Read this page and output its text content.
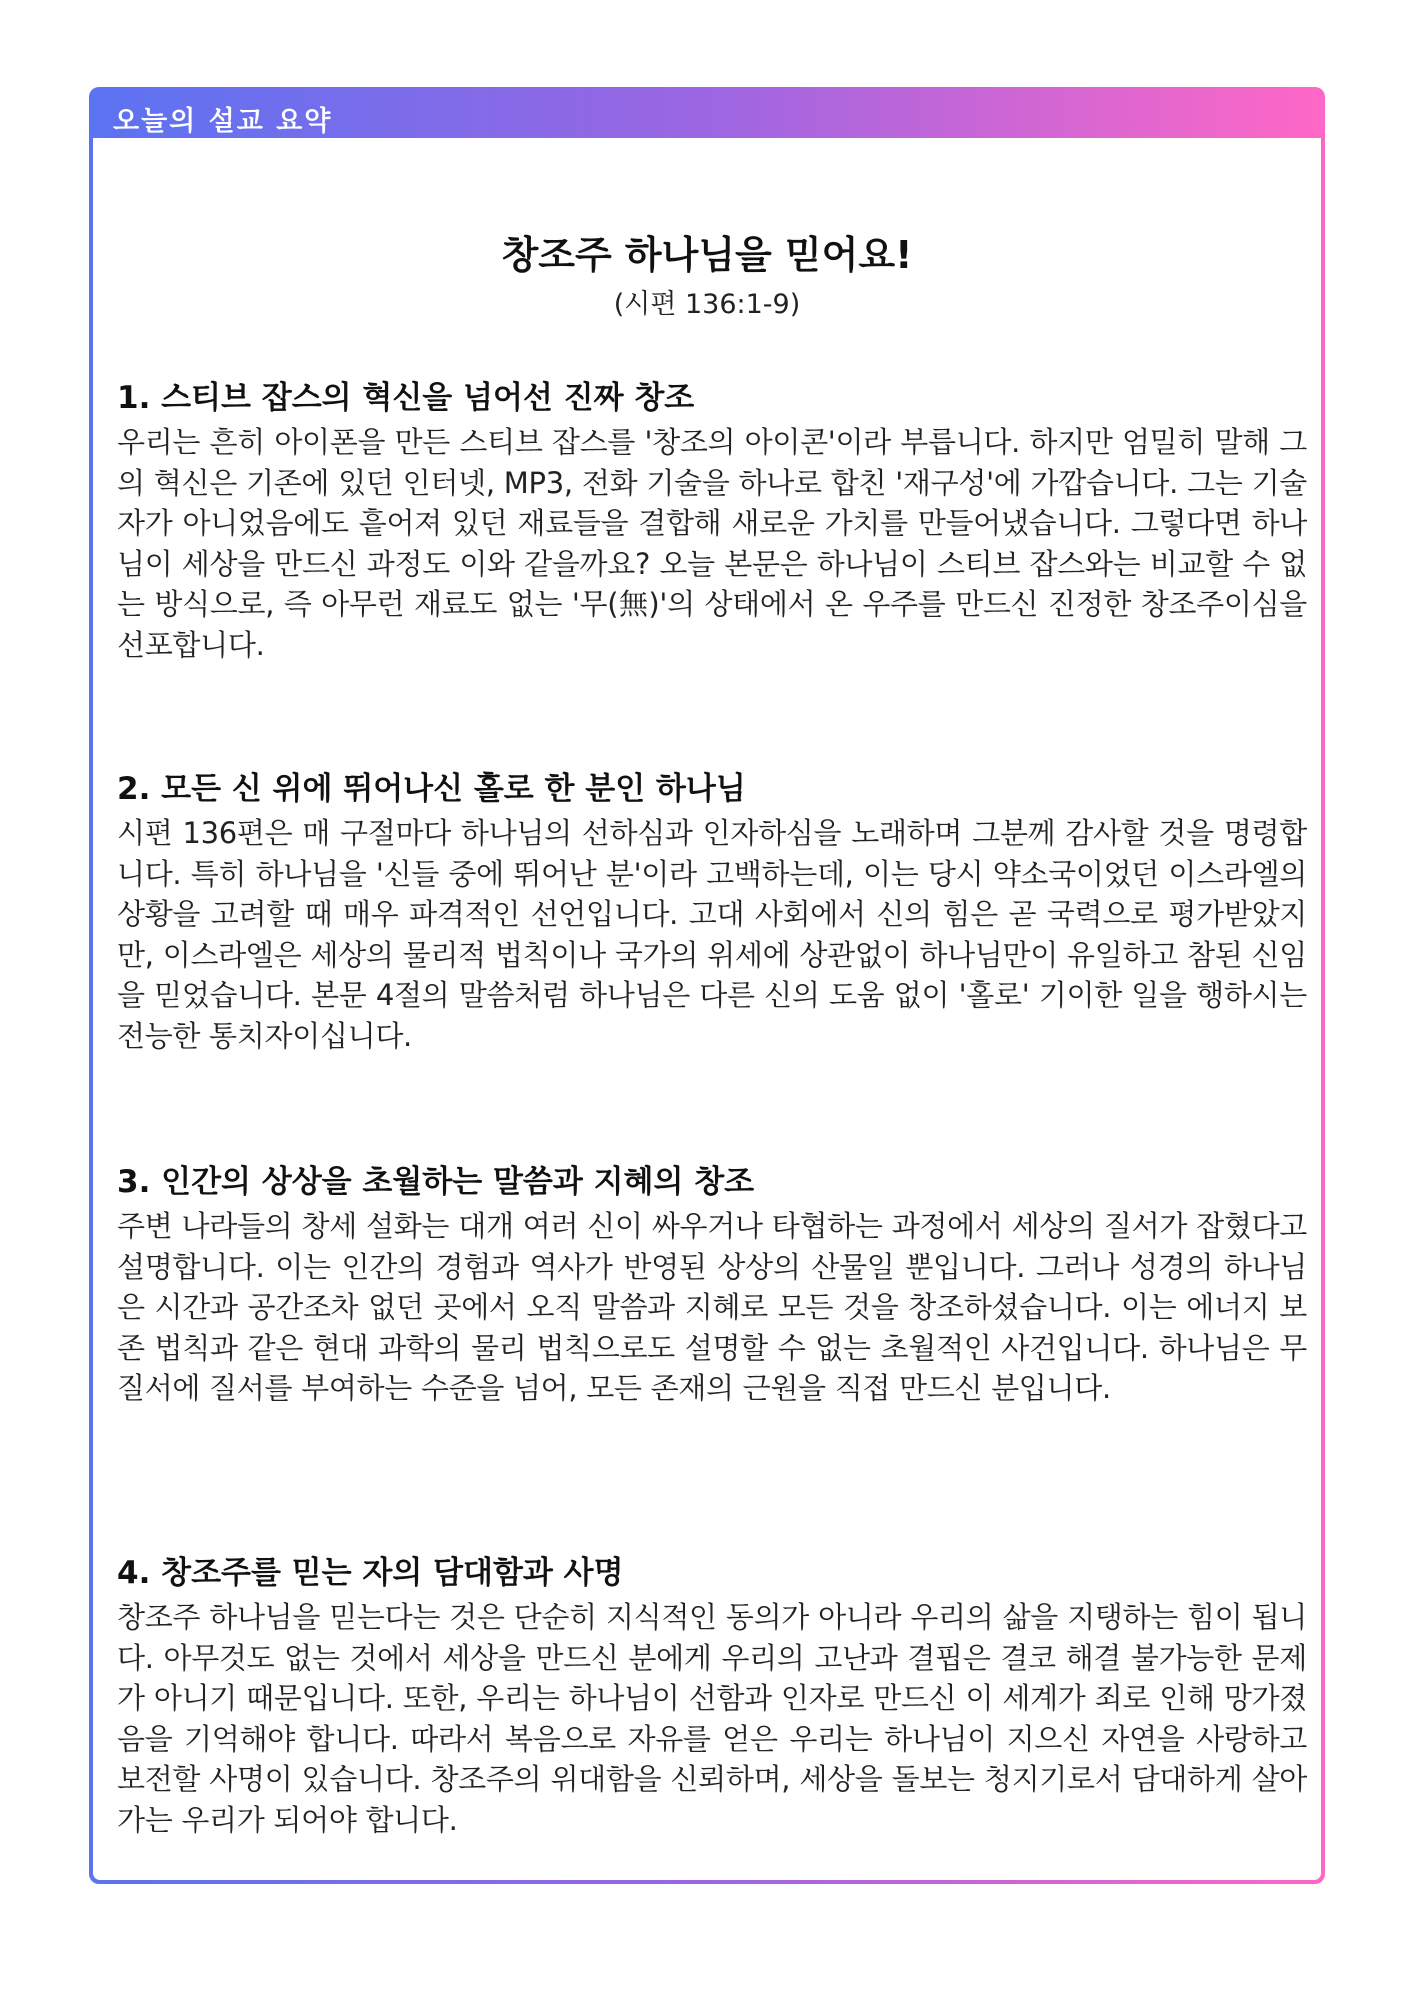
오늘의 설교 요약
창조주 하나님을 믿어요!
(시편 136:1-9)
1. 스티브 잡스의 혁신을 넘어선 진짜 창조

우리는 흔히 아이폰을 만든 스티브 잡스를 '창조의 아이콘'이라 부릅니다. 하지만 엄밀히 말해 그의 혁신은 기존에 있던 인터넷, MP3, 전화 기술을 하나로 합친 '재구성'에 가깝습니다. 그는 기술자가 아니었음에도 흩어져 있던 재료들을 결합해 새로운 가치를 만들어냈습니다. 그렇다면 하나님이 세상을 만드신 과정도 이와 같을까요? 오늘 본문은 하나님이 스티브 잡스와는 비교할 수 없는 방식으로, 즉 아무런 재료도 없는 '무(無)'의 상태에서 온 우주를 만드신 진정한 창조주이심을 선포합니다.

2. 모든 신 위에 뛰어나신 홀로 한 분인 하나님

시편 136편은 매 구절마다 하나님의 선하심과 인자하심을 노래하며 그분께 감사할 것을 명령합니다. 특히 하나님을 '신들 중에 뛰어난 분'이라 고백하는데, 이는 당시 약소국이었던 이스라엘의 상황을 고려할 때 매우 파격적인 선언입니다. 고대 사회에서 신의 힘은 곧 국력으로 평가받았지만, 이스라엘은 세상의 물리적 법칙이나 국가의 위세에 상관없이 하나님만이 유일하고 참된 신임을 믿었습니다. 본문 4절의 말씀처럼 하나님은 다른 신의 도움 없이 '홀로' 기이한 일을 행하시는 전능한 통치자이십니다.

3. 인간의 상상을 초월하는 말씀과 지혜의 창조

주변 나라들의 창세 설화는 대개 여러 신이 싸우거나 타협하는 과정에서 세상의 질서가 잡혔다고 설명합니다. 이는 인간의 경험과 역사가 반영된 상상의 산물일 뿐입니다. 그러나 성경의 하나님은 시간과 공간조차 없던 곳에서 오직 말씀과 지혜로 모든 것을 창조하셨습니다. 이는 에너지 보존 법칙과 같은 현대 과학의 물리 법칙으로도 설명할 수 없는 초월적인 사건입니다. 하나님은 무질서에 질서를 부여하는 수준을 넘어, 모든 존재의 근원을 직접 만드신 분입니다.

4. 창조주를 믿는 자의 담대함과 사명

창조주 하나님을 믿는다는 것은 단순히 지식적인 동의가 아니라 우리의 삶을 지탱하는 힘이 됩니다. 아무것도 없는 것에서 세상을 만드신 분에게 우리의 고난과 결핍은 결코 해결 불가능한 문제가 아니기 때문입니다. 또한, 우리는 하나님이 선함과 인자로 만드신 이 세계가 죄로 인해 망가졌음을 기억해야 합니다. 따라서 복음으로 자유를 얻은 우리는 하나님이 지으신 자연을 사랑하고 보전할 사명이 있습니다. 창조주의 위대함을 신뢰하며, 세상을 돌보는 청지기로서 담대하게 살아가는 우리가 되어야 합니다.
